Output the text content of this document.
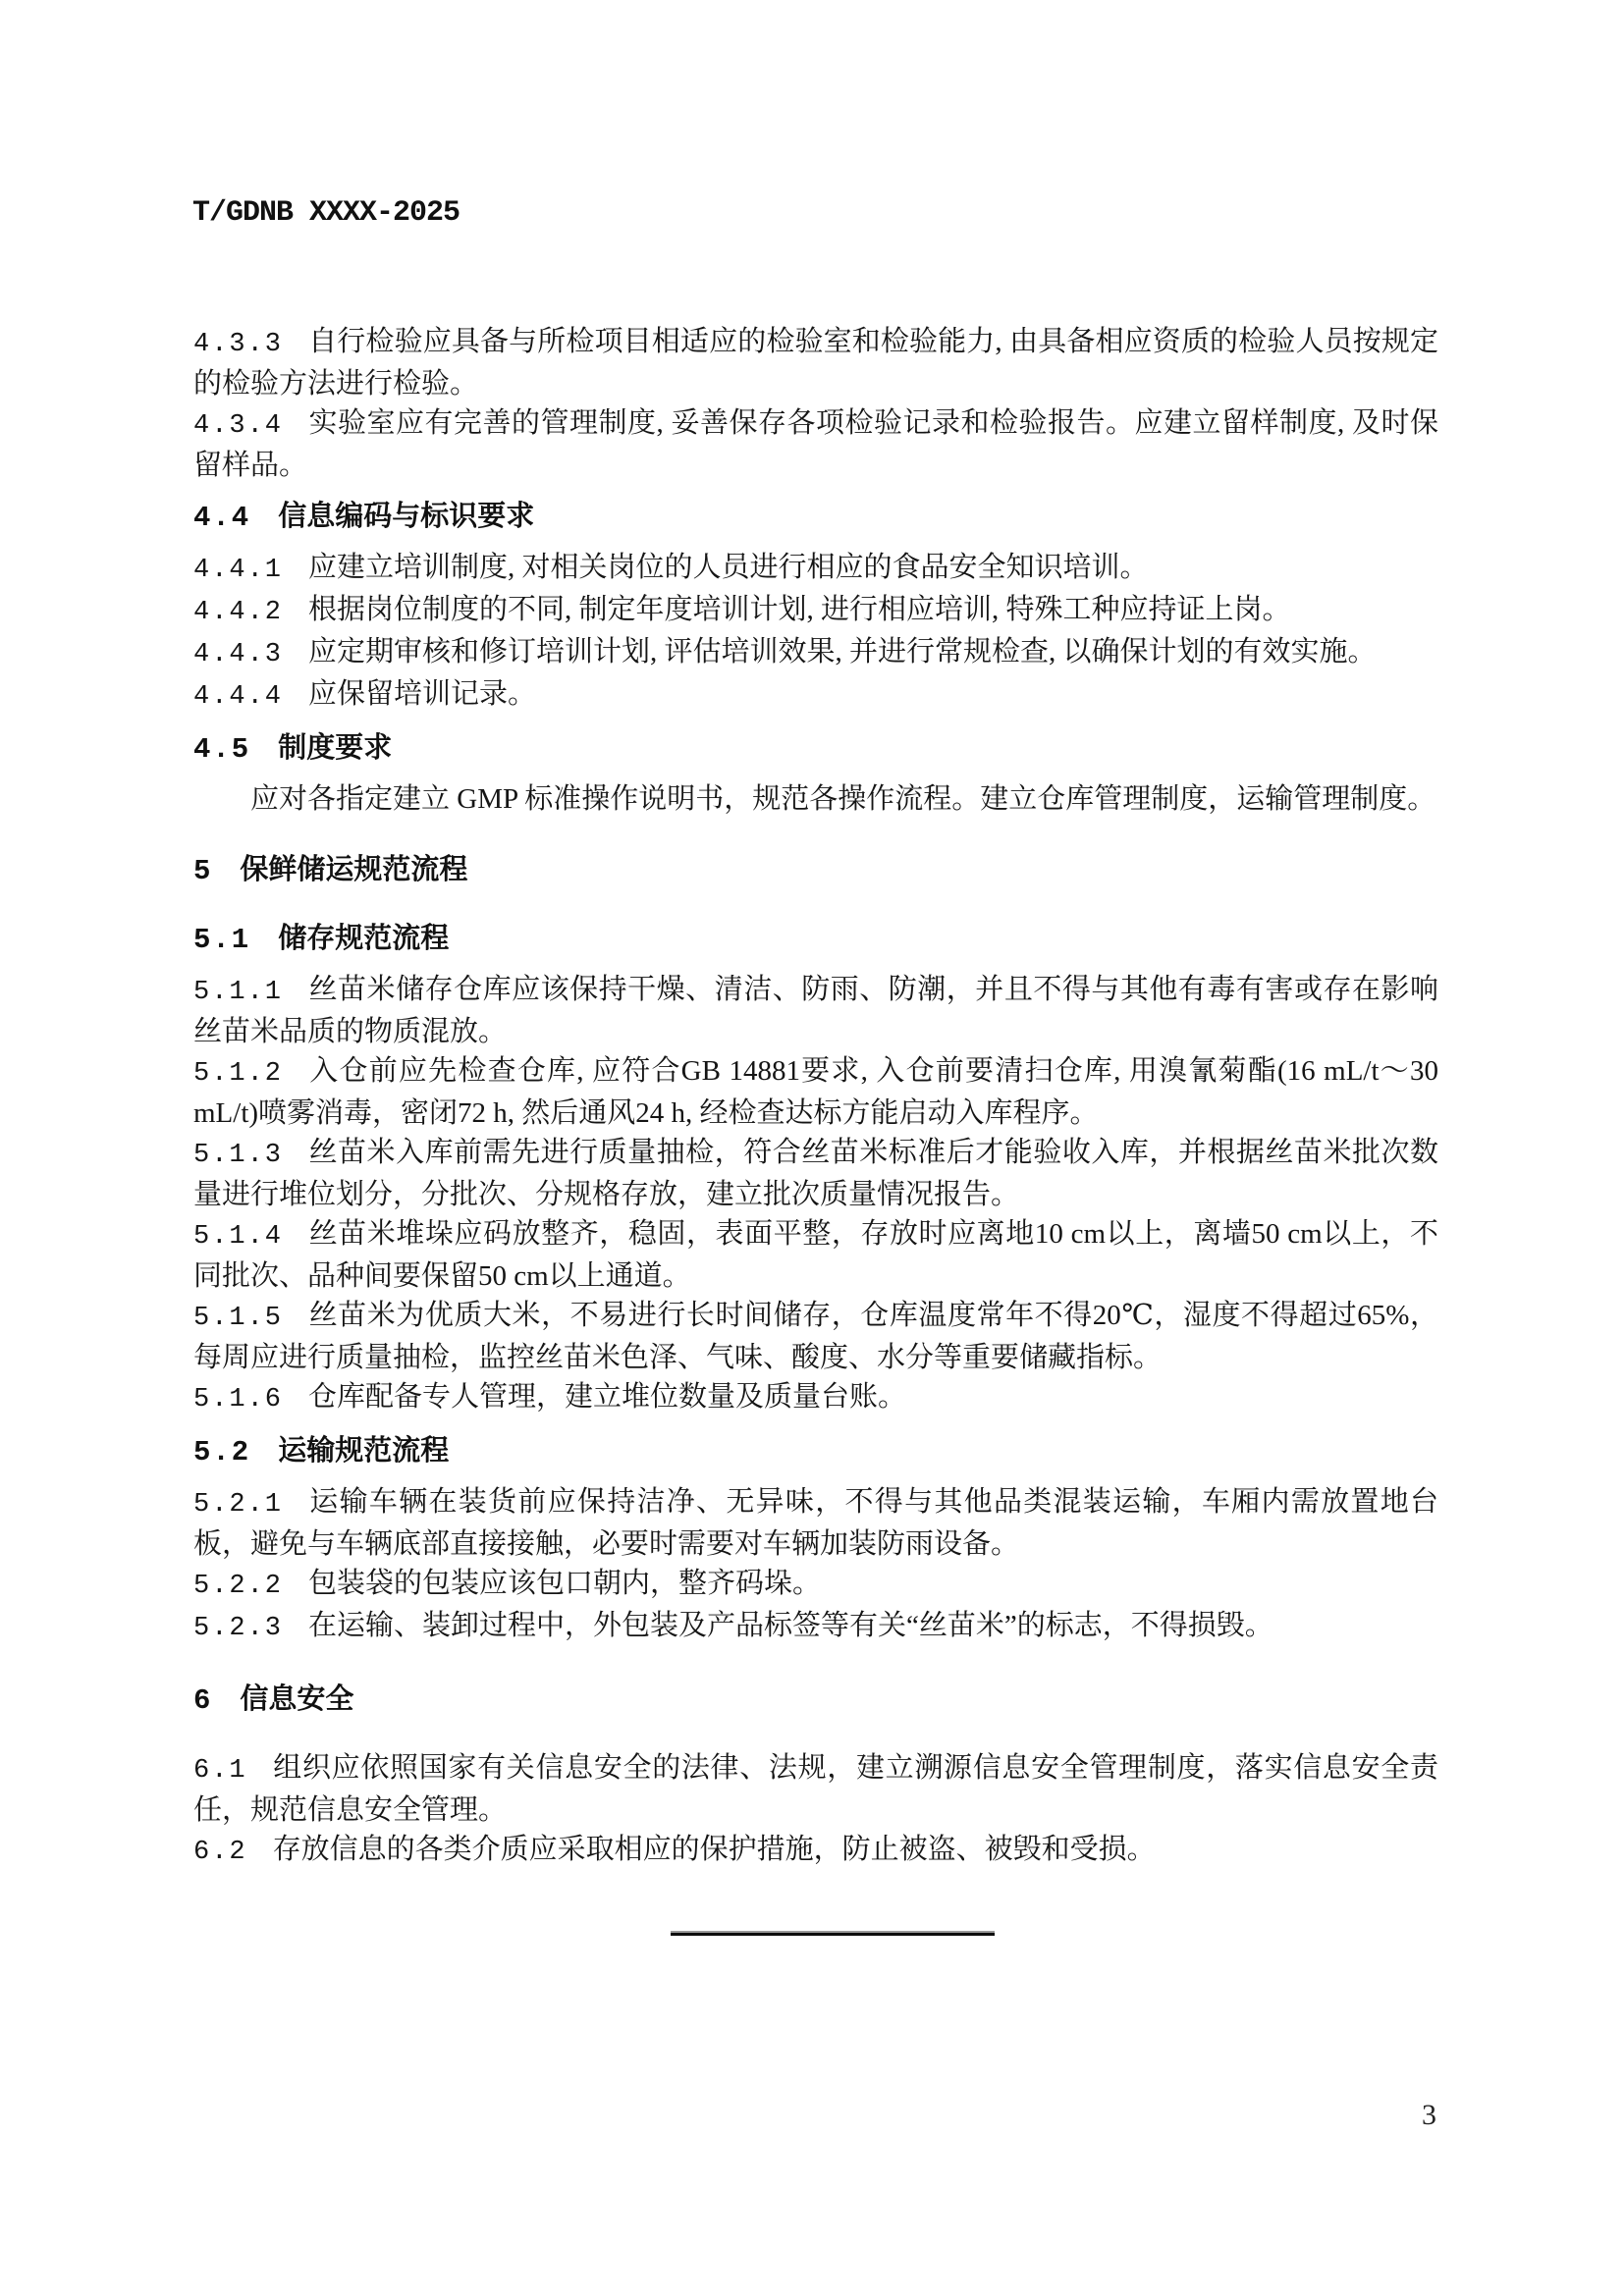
T/GDNB XXXX-2025
4.3.3 自行检验应具备与所检项目相适应的检验室和检验能力, 由具备相应资质的检验人员按规定的检验方法进行检验。
4.3.4 实验室应有完善的管理制度, 妥善保存各项检验记录和检验报告。应建立留样制度, 及时保留样品。
4.4 信息编码与标识要求
4.4.1 应建立培训制度, 对相关岗位的人员进行相应的食品安全知识培训。
4.4.2 根据岗位制度的不同, 制定年度培训计划, 进行相应培训, 特殊工种应持证上岗。
4.4.3 应定期审核和修订培训计划, 评估培训效果, 并进行常规检查, 以确保计划的有效实施。
4.4.4 应保留培训记录。
4.5 制度要求
应对各指定建立 GMP 标准操作说明书，规范各操作流程。建立仓库管理制度，运输管理制度。
5 保鲜储运规范流程
5.1 储存规范流程
5.1.1 丝苗米储存仓库应该保持干燥、清洁、防雨、防潮，并且不得与其他有毒有害或存在影响丝苗米品质的物质混放。
5.1.2 入仓前应先检查仓库, 应符合GB 14881要求, 入仓前要清扫仓库, 用溴氰菊酯(16 mL/t～30 mL/t)喷雾消毒，密闭72 h, 然后通风24 h, 经检查达标方能启动入库程序。
5.1.3 丝苗米入库前需先进行质量抽检，符合丝苗米标准后才能验收入库，并根据丝苗米批次数量进行堆位划分，分批次、分规格存放，建立批次质量情况报告。
5.1.4 丝苗米堆垛应码放整齐，稳固，表面平整，存放时应离地10 cm以上，离墙50 cm以上，不同批次、品种间要保留50 cm以上通道。
5.1.5 丝苗米为优质大米，不易进行长时间储存，仓库温度常年不得20℃，湿度不得超过65%，每周应进行质量抽检，监控丝苗米色泽、气味、酸度、水分等重要储藏指标。
5.1.6 仓库配备专人管理，建立堆位数量及质量台账。
5.2 运输规范流程
5.2.1 运输车辆在装货前应保持洁净、无异味，不得与其他品类混装运输，车厢内需放置地台板，避免与车辆底部直接接触，必要时需要对车辆加装防雨设备。
5.2.2 包装袋的包装应该包口朝内，整齐码垛。
5.2.3 在运输、装卸过程中，外包装及产品标签等有关“丝苗米”的标志，不得损毁。
6 信息安全
6.1 组织应依照国家有关信息安全的法律、法规，建立溯源信息安全管理制度，落实信息安全责任，规范信息安全管理。
6.2 存放信息的各类介质应采取相应的保护措施，防止被盗、被毁和受损。
3
